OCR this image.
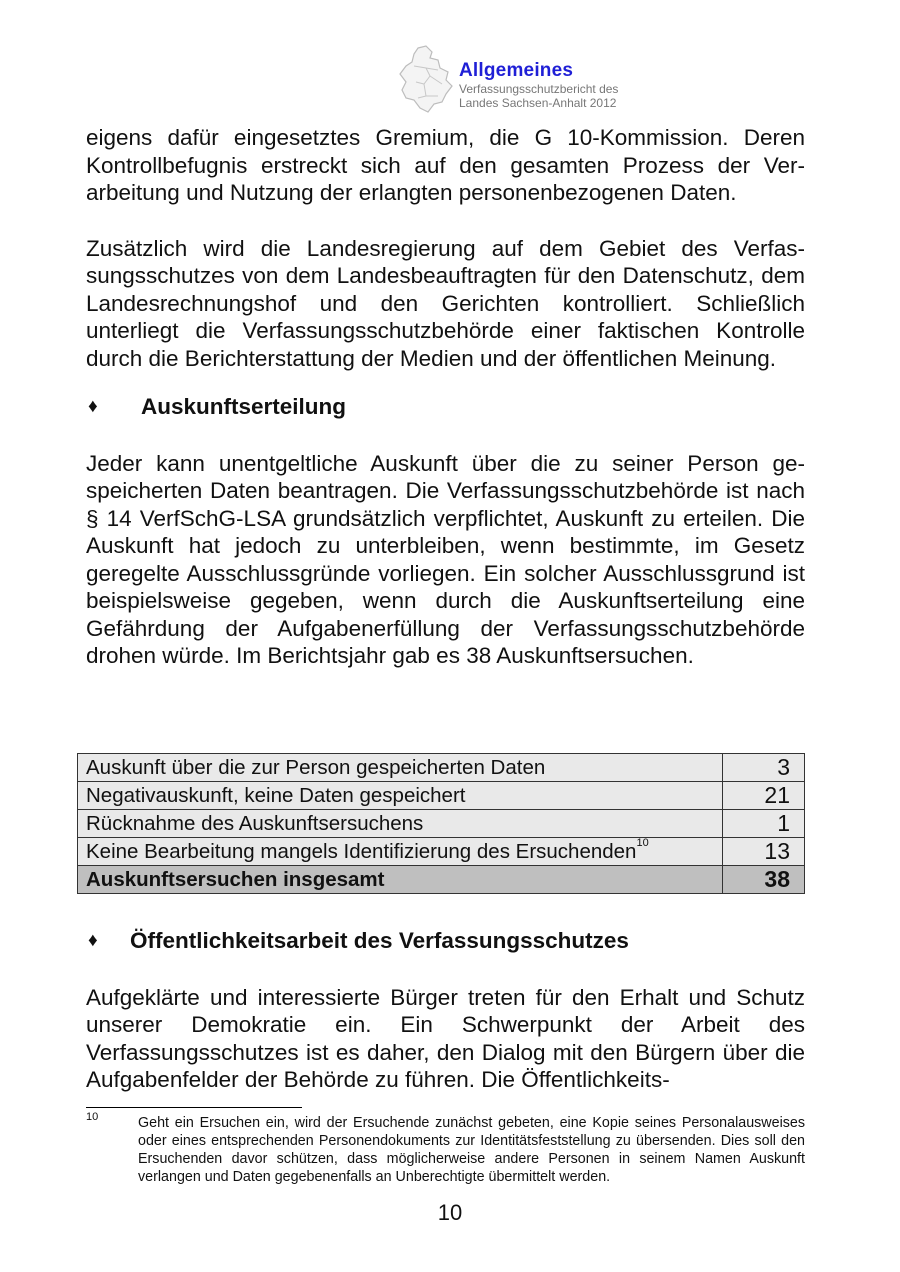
Allgemeines
Verfassungsschutzbericht des
Landes Sachsen-Anhalt 2012

eigens dafür eingesetztes Gremium, die G 10-Kommission. Deren Kontrollbefugnis erstreckt sich auf den gesamten Prozess der Verarbeitung und Nutzung der erlangten personenbezogenen Daten.

Zusätzlich wird die Landesregierung auf dem Gebiet des Verfassungsschutzes von dem Landesbeauftragten für den Datenschutz, dem Landesrechnungshof und den Gerichten kontrolliert. Schließlich unterliegt die Verfassungsschutzbehörde einer faktischen Kontrolle durch die Berichterstattung der Medien und der öffentlichen Meinung.

♦	Auskunftserteilung

Jeder kann unentgeltliche Auskunft über die zu seiner Person gespeicherten Daten beantragen. Die Verfassungsschutzbehörde ist nach § 14 VerfSchG-LSA grundsätzlich verpflichtet, Auskunft zu erteilen. Die Auskunft hat jedoch zu unterbleiben, wenn bestimmte, im Gesetz geregelte Ausschlussgründe vorliegen. Ein solcher Ausschlussgrund ist beispielsweise gegeben, wenn durch die Auskunftserteilung eine Gefährdung der Aufgabenerfüllung der Verfassungsschutzbehörde drohen würde. Im Berichtsjahr gab es 38 Auskunftsersuchen.

Auskunft über die zur Person gespeicherten Daten	3
Negativauskunft, keine Daten gespeichert	21
Rücknahme des Auskunftsersuchens	1
Keine Bearbeitung mangels Identifizierung des Ersuchenden$^{10}$	13
Auskunftsersuchen insgesamt	38
♦	Öffentlichkeitsarbeit des Verfassungsschutzes

Aufgeklärte und interessierte Bürger treten für den Erhalt und Schutz unserer Demokratie ein. Ein Schwerpunkt der Arbeit des Verfassungsschutzes ist es daher, den Dialog mit den Bürgern über die Aufgabenfelder der Behörde zu führen. Die Öffentlichkeits-

10	Geht ein Ersuchen ein, wird der Ersuchende zunächst gebeten, eine Kopie seines Personalausweises oder eines entsprechenden Personendokuments zur Identitätsfeststellung zu übersenden. Dies soll den Ersuchenden davor schützen, dass möglicherweise andere Personen in seinem Namen Auskunft verlangen und Daten gegebenenfalls an Unberechtigte übermittelt werden.
10
